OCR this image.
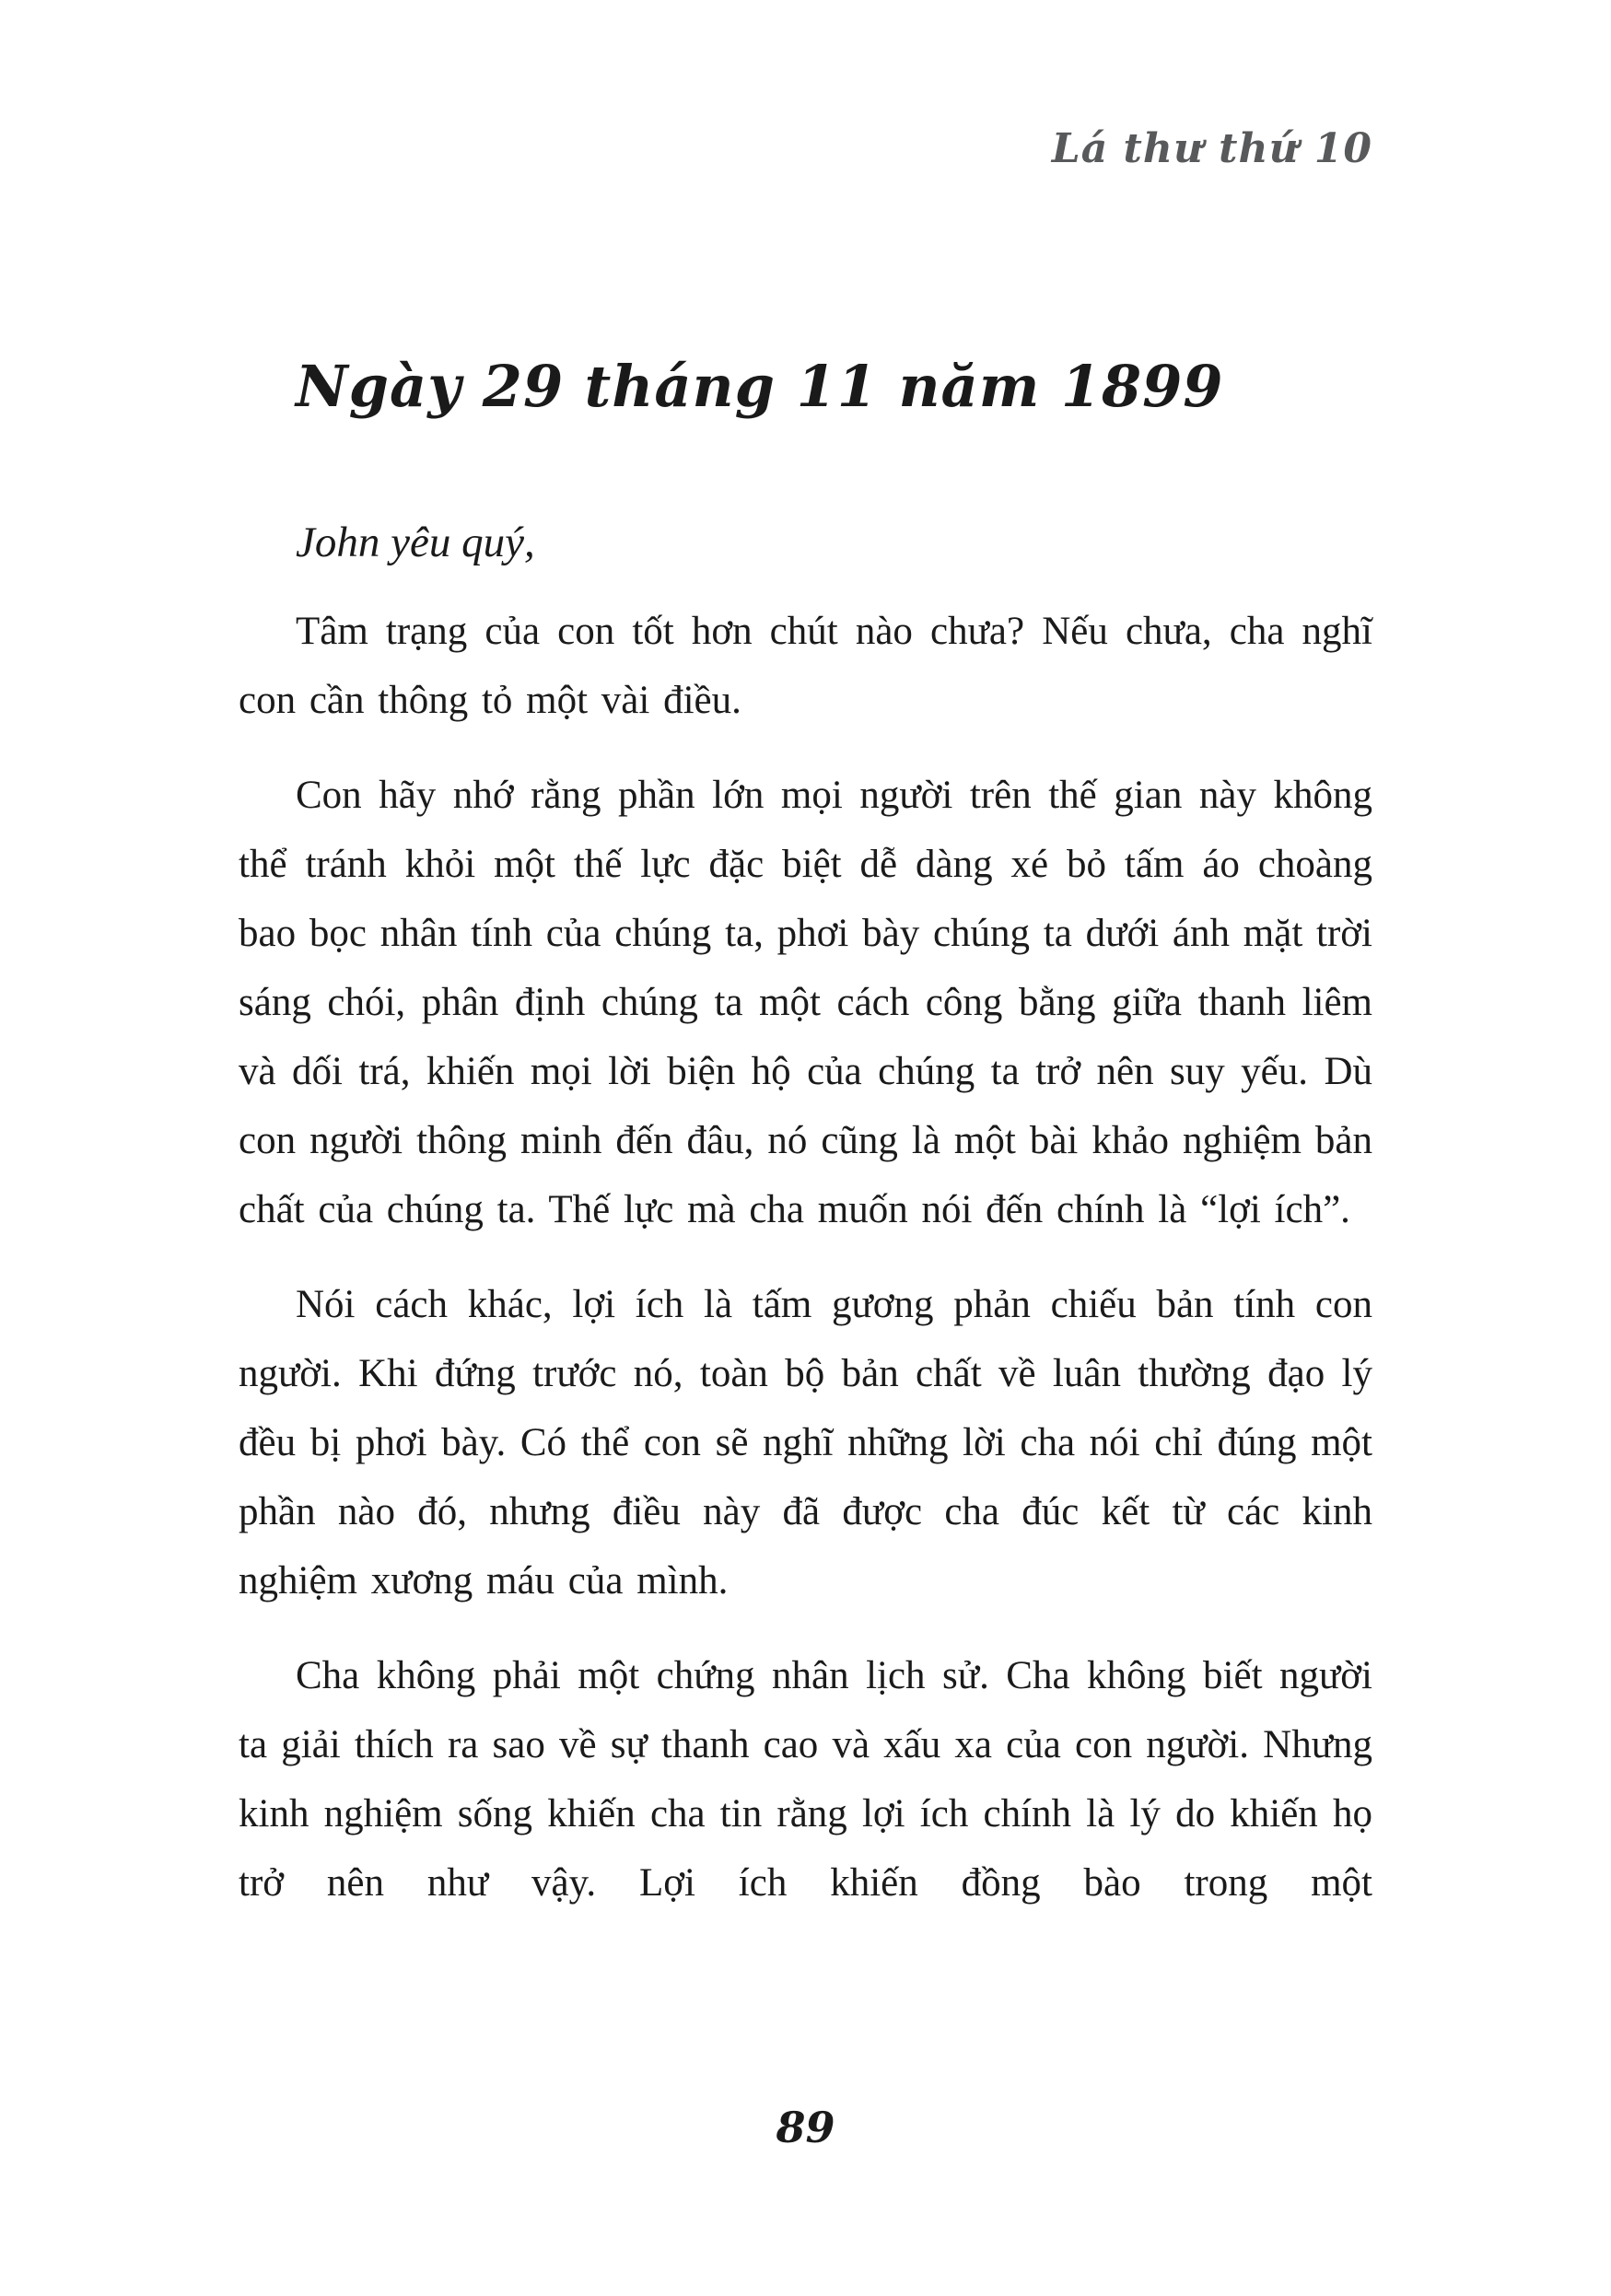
Lá thư thứ 10
Ngày 29 tháng 11 năm 1899
John yêu quý,

Tâm trạng của con tốt hơn chút nào chưa? Nếu chưa, cha nghĩ con cần thông tỏ một vài điều.

Con hãy nhớ rằng phần lớn mọi người trên thế gian này không thể tránh khỏi một thế lực đặc biệt dễ dàng xé bỏ tấm áo choàng bao bọc nhân tính của chúng ta, phơi bày chúng ta dưới ánh mặt trời sáng chói, phân định chúng ta một cách công bằng giữa thanh liêm và dối trá, khiến mọi lời biện hộ của chúng ta trở nên suy yếu. Dù con người thông minh đến đâu, nó cũng là một bài khảo nghiệm bản chất của chúng ta. Thế lực mà cha muốn nói đến chính là “lợi ích”.

Nói cách khác, lợi ích là tấm gương phản chiếu bản tính con người. Khi đứng trước nó, toàn bộ bản chất về luân thường đạo lý đều bị phơi bày. Có thể con sẽ nghĩ những lời cha nói chỉ đúng một phần nào đó, nhưng điều này đã được cha đúc kết từ các kinh nghiệm xương máu của mình.

Cha không phải một chứng nhân lịch sử. Cha không biết người ta giải thích ra sao về sự thanh cao và xấu xa của con người. Nhưng kinh nghiệm sống khiến cha tin rằng lợi ích chính là lý do khiến họ trở nên như vậy. Lợi ích khiến đồng bào trong một

89
